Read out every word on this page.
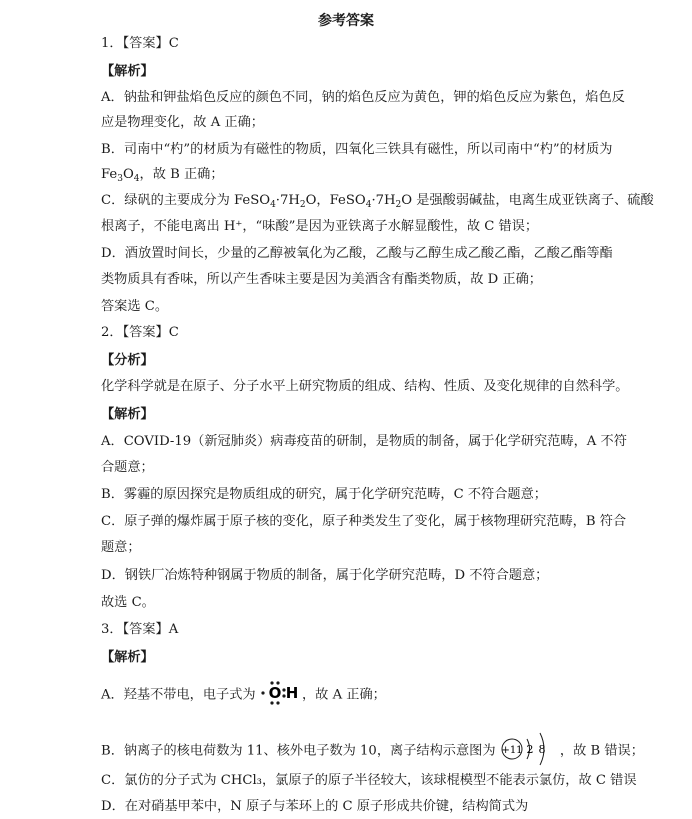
参考答案
1．【答案】C
【解析】
A．钠盐和钾盐焰色反应的颜色不同，钠的焰色反应为黄色，钾的焰色反应为紫色，焰色反
应是物理变化，故 A 正确；
B．司南中“杓”的材质为有磁性的物质，四氧化三铁具有磁性，所以司南中“杓”的材质为
$Fe_3O_4$，故 B 正确；
C．绿矾的主要成分为 $FeSO_4\cdot 7H_2O$，$FeSO_4\cdot 7H_2O$ 是强酸弱碱盐，电离生成亚铁离子、硫酸
根离子，不能电离出 H⁺，“味酸”是因为亚铁离子水解显酸性，故 C 错误；
D．酒放置时间长，少量的乙醇被氧化为乙酸，乙酸与乙醇生成乙酸乙酯，乙酸乙酯等酯
类物质具有香味，所以产生香味主要是因为美酒含有酯类物质，故 D 正确；
答案选 C。
2．【答案】C
【分析】
化学科学就是在原子、分子水平上研究物质的组成、结构、性质、及变化规律的自然科学。
【解析】
A．COVID-19（新冠肺炎）病毒疫苗的研制，是物质的制备，属于化学研究范畴，A 不符
合题意；
B．雾霾的原因探究是物质组成的研究，属于化学研究范畴，C 不符合题意；
C．原子弹的爆炸属于原子核的变化，原子种类发生了变化，属于核物理研究范畴，B 符合
题意；
D．钢铁厂冶炼特种钢属于物质的制备，属于化学研究范畴，D 不符合题意；
故选 C。
3．【答案】A
【解析】
A．羟基不带电，电子式为 O H ，故 A 正确；
B．钠离子的核电荷数为 11、核外电子数为 10，离子结构示意图为 +11 2 8 ，故 B 错误；
C．氯仿的分子式为 CHCl₃，氯原子的原子半径较大，该球棍模型不能表示氯仿，故 C 错误
D．在对硝基甲苯中，N 原子与苯环上的 C 原子形成共价键，结构简式为
